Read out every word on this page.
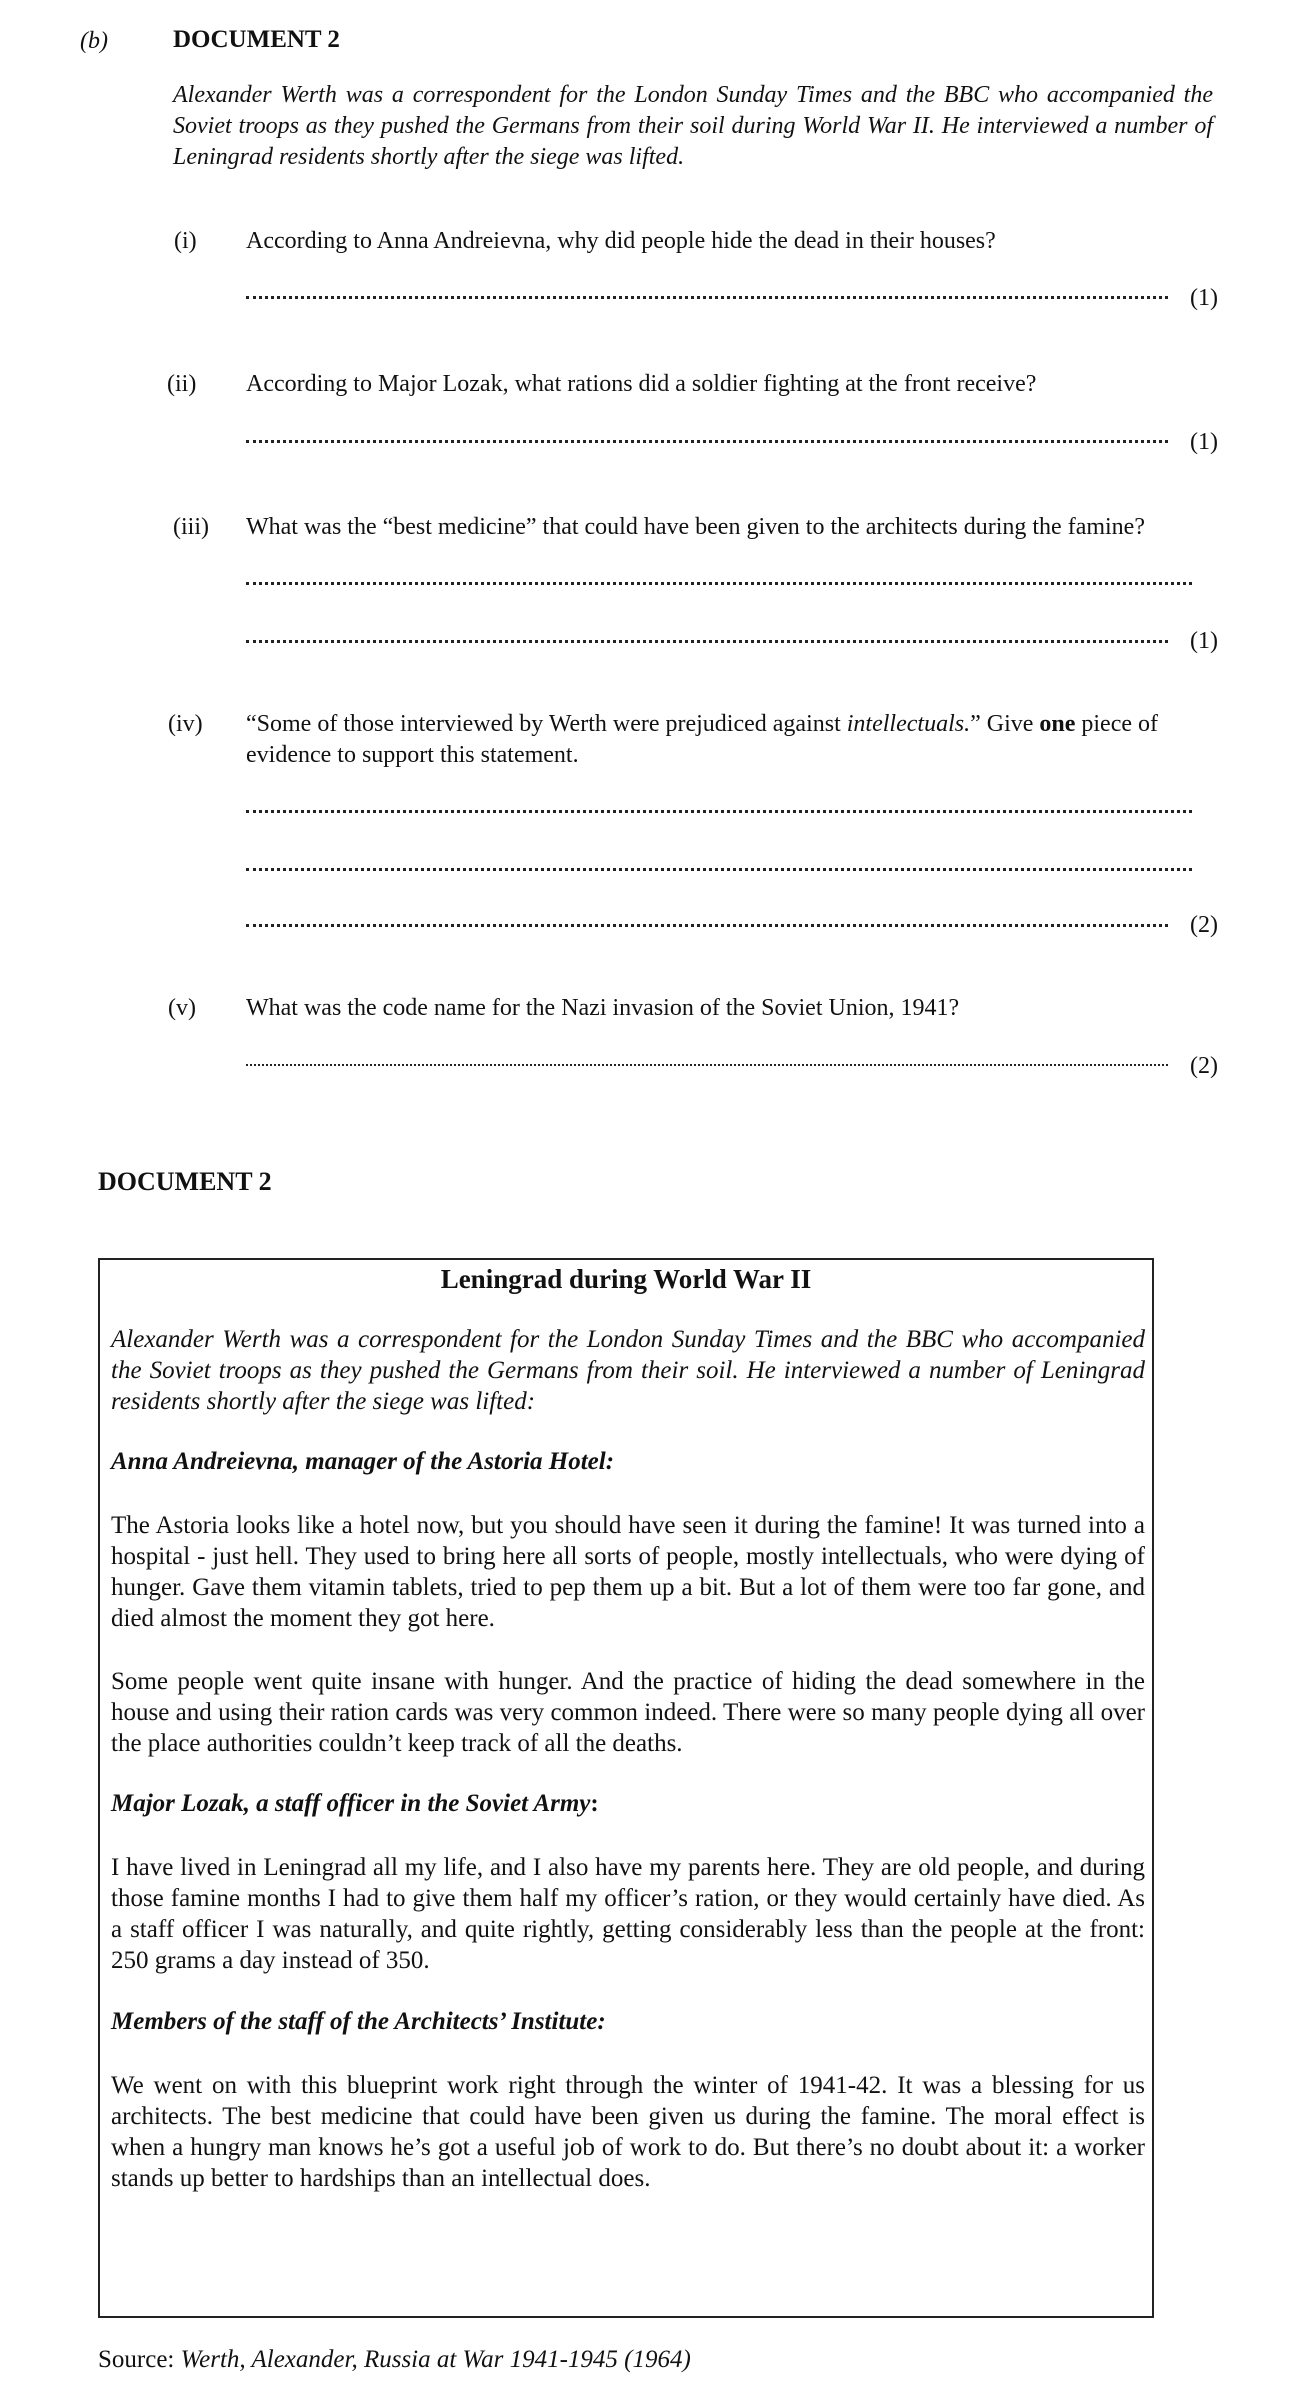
(b)	DOCUMENT 2
Alexander Werth was a correspondent for the London Sunday Times and the BBC who accompanied the Soviet troops as they pushed the Germans from their soil during World War II. He interviewed a number of Leningrad residents shortly after the siege was lifted.
(i)	According to Anna Andreievna, why did people hide the dead in their houses?
(1)
(ii)	According to Major Lozak, what rations did a soldier fighting at the front receive?
(1)
(iii)	What was the “best medicine” that could have been given to the architects during the famine?
(1)
(iv)	“Some of those interviewed by Werth were prejudiced against intellectuals.” Give one piece of evidence to support this statement.
(2)
(v)	What was the code name for the Nazi invasion of the Soviet Union, 1941?
(2)
DOCUMENT 2
Leningrad during World War II
Alexander Werth was a correspondent for the London Sunday Times and the BBC who accompanied the Soviet troops as they pushed the Germans from their soil. He interviewed a number of Leningrad residents shortly after the siege was lifted:
Anna Andreievna, manager of the Astoria Hotel:
The Astoria looks like a hotel now, but you should have seen it during the famine! It was turned into a hospital - just hell. They used to bring here all sorts of people, mostly intellectuals, who were dying of hunger. Gave them vitamin tablets, tried to pep them up a bit. But a lot of them were too far gone, and died almost the moment they got here.
Some people went quite insane with hunger. And the practice of hiding the dead somewhere in the house and using their ration cards was very common indeed. There were so many people dying all over the place authorities couldn’t keep track of all the deaths.
Major Lozak, a staff officer in the Soviet Army:
I have lived in Leningrad all my life, and I also have my parents here. They are old people, and during those famine months I had to give them half my officer’s ration, or they would certainly have died. As a staff officer I was naturally, and quite rightly, getting considerably less than the people at the front: 250 grams a day instead of 350.
Members of the staff of the Architects’ Institute:
We went on with this blueprint work right through the winter of 1941-42. It was a blessing for us architects. The best medicine that could have been given us during the famine. The moral effect is when a hungry man knows he’s got a useful job of work to do. But there’s no doubt about it: a worker stands up better to hardships than an intellectual does.
Source: Werth, Alexander, Russia at War 1941-1945 (1964)
